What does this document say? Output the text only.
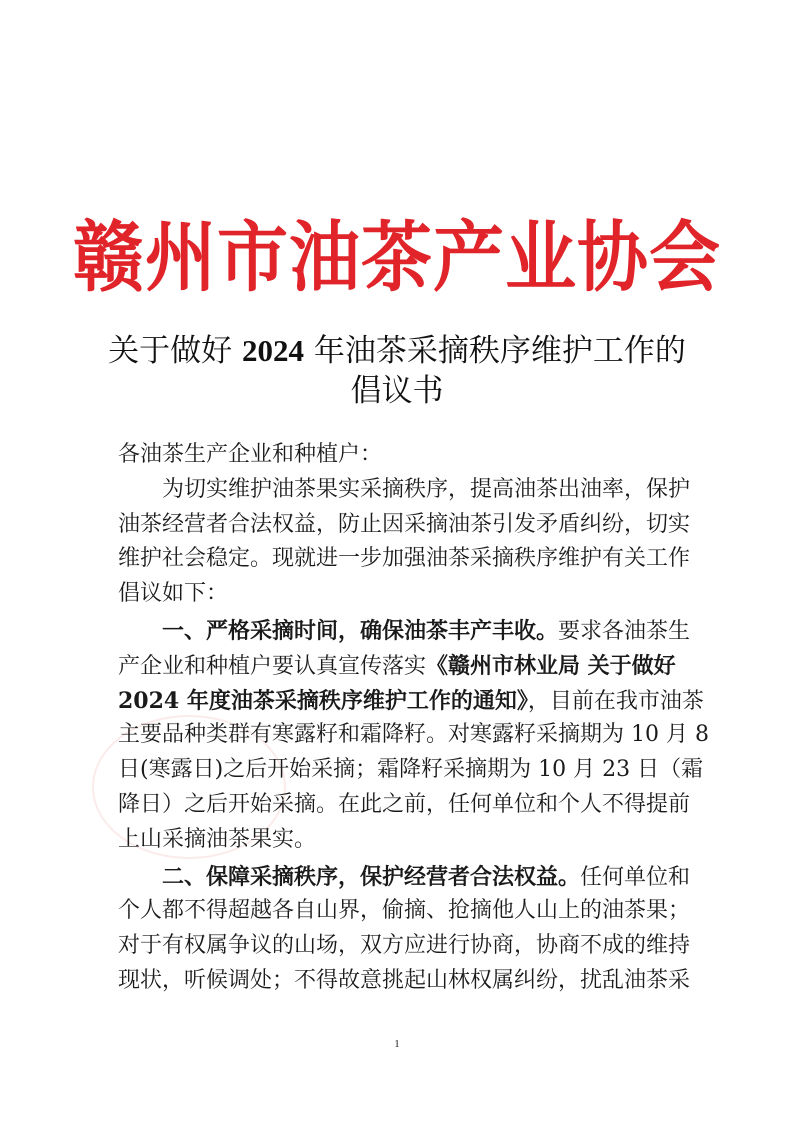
赣州市油茶产业协会
关于做好 2024 年油茶采摘秩序维护工作的
倡议书
各油茶生产企业和种植户：
为切实维护油茶果实采摘秩序，提高油茶出油率，保护
油茶经营者合法权益，防止因采摘油茶引发矛盾纠纷，切实
维护社会稳定。现就进一步加强油茶采摘秩序维护有关工作
倡议如下：
一、严格采摘时间，确保油茶丰产丰收。要求各油茶生
产企业和种植户要认真宣传落实《赣州市林业局 关于做好
2024 年度油茶采摘秩序维护工作的通知》，目前在我市油茶
主要品种类群有寒露籽和霜降籽。对寒露籽采摘期为 10 月 8
日(寒露日)之后开始采摘；霜降籽采摘期为 10 月 23 日（霜
降日）之后开始采摘。在此之前，任何单位和个人不得提前
上山采摘油茶果实。
二、保障采摘秩序，保护经营者合法权益。任何单位和
个人都不得超越各自山界，偷摘、抢摘他人山上的油茶果；
对于有权属争议的山场，双方应进行协商，协商不成的维持
现状，听候调处；不得故意挑起山林权属纠纷，扰乱油茶采
1
